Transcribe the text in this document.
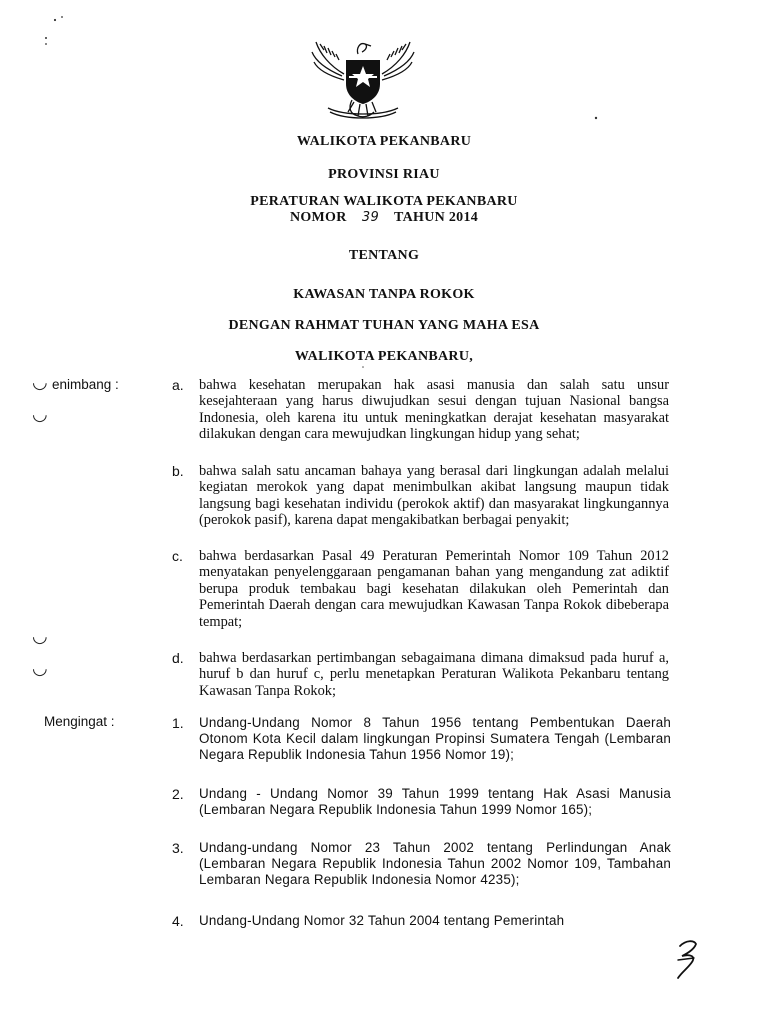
WALIKOTA PEKANBARU
PROVINSI RIAU
PERATURAN WALIKOTA PEKANBARU
NOMOR 39 TAHUN 2014
TENTANG
KAWASAN TANPA ROKOK
DENGAN RAHMAT TUHAN YANG MAHA ESA
WALIKOTA PEKANBARU,
◡
◡
◡
◡
enimbang :	a. bahwa kesehatan merupakan hak asasi manusia dan salah satu unsur kesejahteraan yang harus diwujudkan sesui dengan tujuan Nasional bangsa Indonesia, oleh karena itu untuk meningkatkan derajat kesehatan masyarakat dilakukan dengan cara mewujudkan lingkungan hidup yang sehat;
b. bahwa salah satu ancaman bahaya yang berasal dari lingkungan adalah melalui kegiatan merokok yang dapat menimbulkan akibat langsung maupun tidak langsung bagi kesehatan individu (perokok aktif) dan masyarakat lingkungannya (perokok pasif), karena dapat mengakibatkan berbagai penyakit;
c. bahwa berdasarkan Pasal 49 Peraturan Pemerintah Nomor 109 Tahun 2012 menyatakan penyelenggaraan pengamanan bahan yang mengandung zat adiktif berupa produk tembakau bagi kesehatan dilakukan oleh Pemerintah dan Pemerintah Daerah dengan cara mewujudkan Kawasan Tanpa Rokok dibeberapa tempat;
d. bahwa berdasarkan pertimbangan sebagaimana dimana dimaksud pada huruf a, huruf b dan huruf c, perlu menetapkan Peraturan Walikota Pekanbaru tentang Kawasan Tanpa Rokok;
Mengingat :	1. Undang-Undang Nomor 8 Tahun 1956 tentang Pembentukan Daerah Otonom Kota Kecil dalam lingkungan Propinsi Sumatera Tengah (Lembaran Negara Republik Indonesia Tahun 1956 Nomor 19);
2. Undang - Undang Nomor 39 Tahun 1999 tentang Hak Asasi Manusia (Lembaran Negara Republik Indonesia Tahun 1999 Nomor 165);
3. Undang-undang Nomor 23 Tahun 2002 tentang Perlindungan Anak (Lembaran Negara Republik Indonesia Tahun 2002 Nomor 109, Tambahan Lembaran Negara Republik Indonesia Nomor 4235);
4. Undang-Undang Nomor 32 Tahun 2004 tentang Pemerintah
